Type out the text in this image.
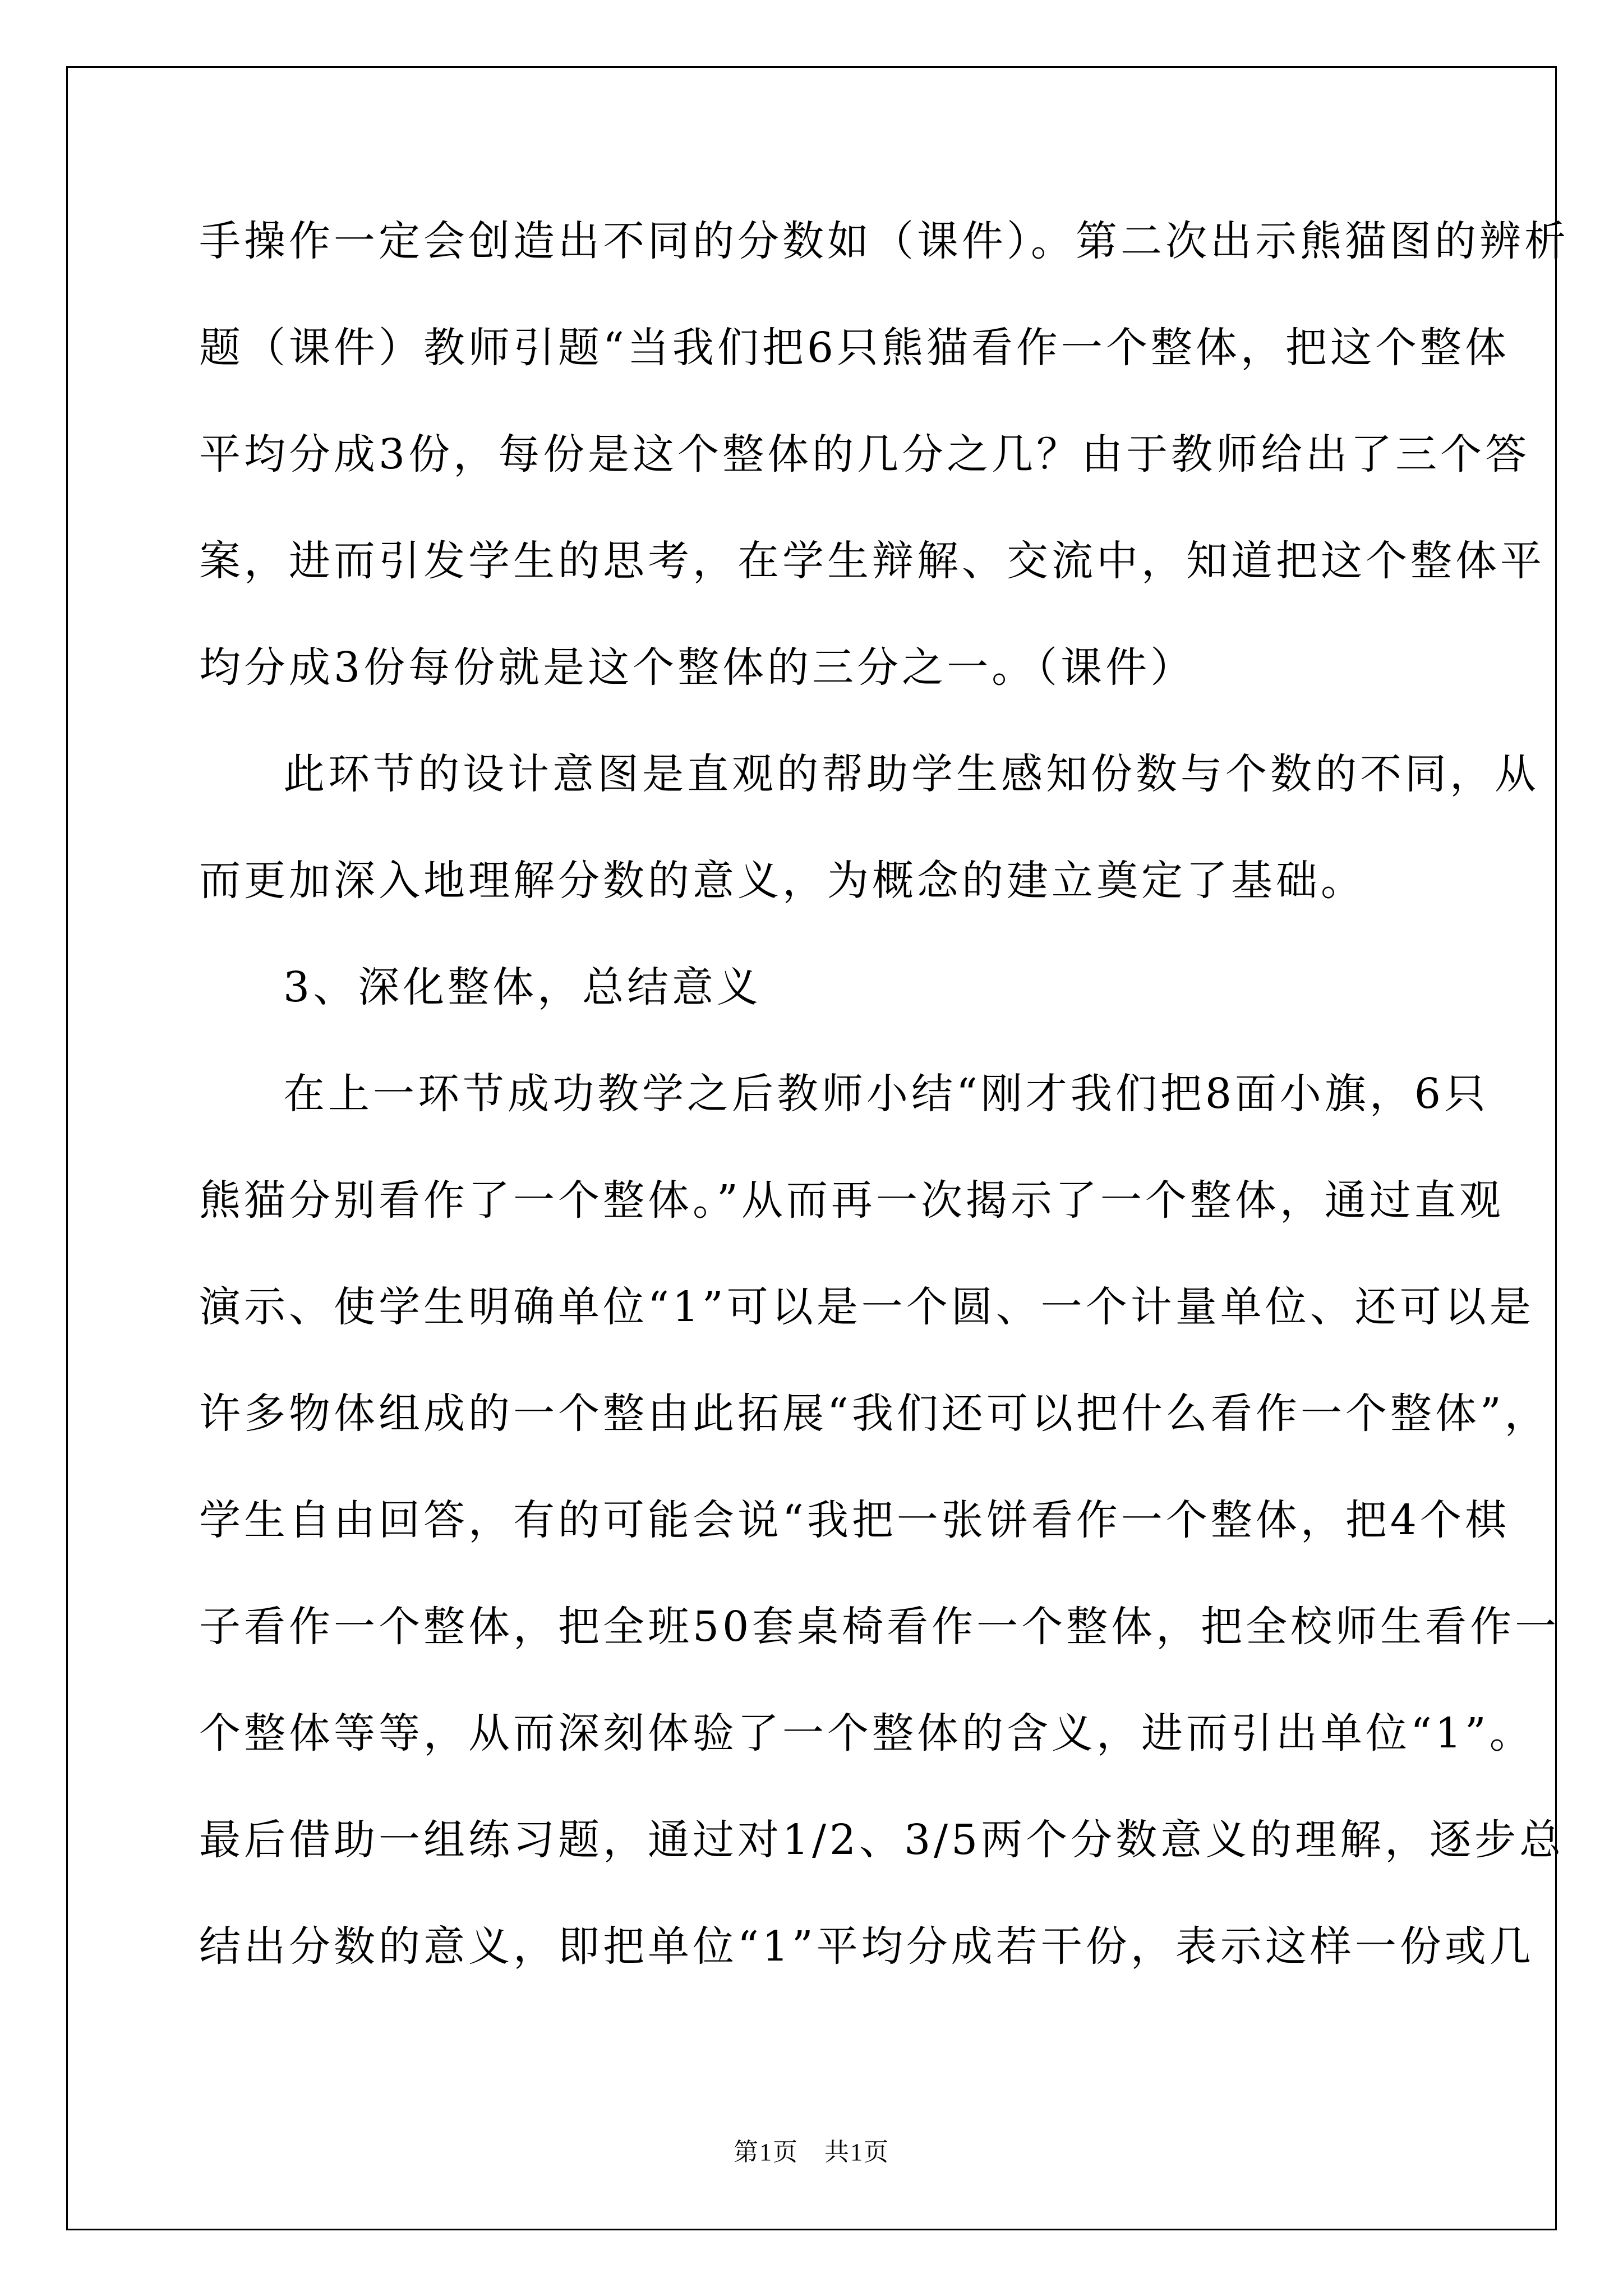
手操作一定会创造出不同的分数如（课件）。第二次出示熊猫图的辨析
题（课件）教师引题“当我们把6只熊猫看作一个整体，把这个整体
平均分成3份，每份是这个整体的几分之几？由于教师给出了三个答
案，进而引发学生的思考，在学生辩解、交流中，知道把这个整体平
均分成3份每份就是这个整体的三分之一。（课件）
此环节的设计意图是直观的帮助学生感知份数与个数的不同，从
而更加深入地理解分数的意义，为概念的建立奠定了基础。
3、深化整体，总结意义
在上一环节成功教学之后教师小结“刚才我们把8面小旗，6只
熊猫分别看作了一个整体。”从而再一次揭示了一个整体，通过直观
演示、使学生明确单位“1”可以是一个圆、一个计量单位、还可以是
许多物体组成的一个整由此拓展“我们还可以把什么看作一个整体”，
学生自由回答，有的可能会说“我把一张饼看作一个整体，把4个棋
子看作一个整体，把全班50套桌椅看作一个整体，把全校师生看作一
个整体等等，从而深刻体验了一个整体的含义，进而引出单位“1”。
最后借助一组练习题，通过对1/2、3/5两个分数意义的理解，逐步总
结出分数的意义，即把单位“1”平均分成若干份，表示这样一份或几
第1页　共1页
